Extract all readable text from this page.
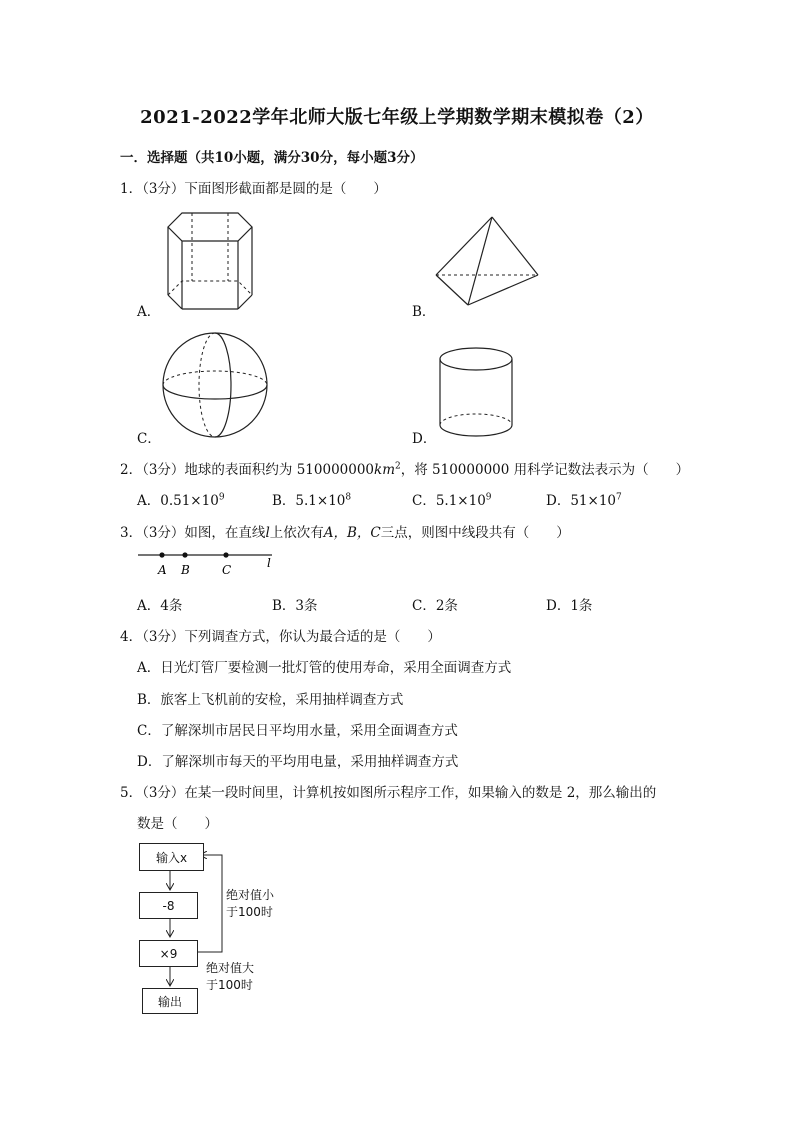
2021-2022学年北师大版七年级上学期数学期末模拟卷（2）
一．选择题（共10小题，满分30分，每小题3分）
1．（3分）下面图形截面都是圆的是（　　）
A．	B．
C．	D．
2．（3分）地球的表面积约为 $510000000km^2$，将 510000000 用科学记数法表示为（　　）
A．$0.51\times 10^9$	B．$5.1\times 10^8$	C．$5.1\times 10^9$	D．$51\times 10^7$
3．（3分）如图，在直线l上依次有A，B，C三点，则图中线段共有（　　）
A B	C	l
A．4条	B．3条	C．2条	D．1条
4．（3分）下列调查方式，你认为最合适的是（　　）
A．日光灯管厂要检测一批灯管的使用寿命，采用全面调查方式
B．旅客上飞机前的安检，采用抽样调查方式
C．了解深圳市居民日平均用水量，采用全面调查方式
D．了解深圳市每天的平均用电量，采用抽样调查方式
5．（3分）在某一段时间里，计算机按如图所示程序工作，如果输入的数是 2，那么输出的
数是（　　）
输入x
-8
×9
输出
绝对值小
于100时
绝对值大
于100时
